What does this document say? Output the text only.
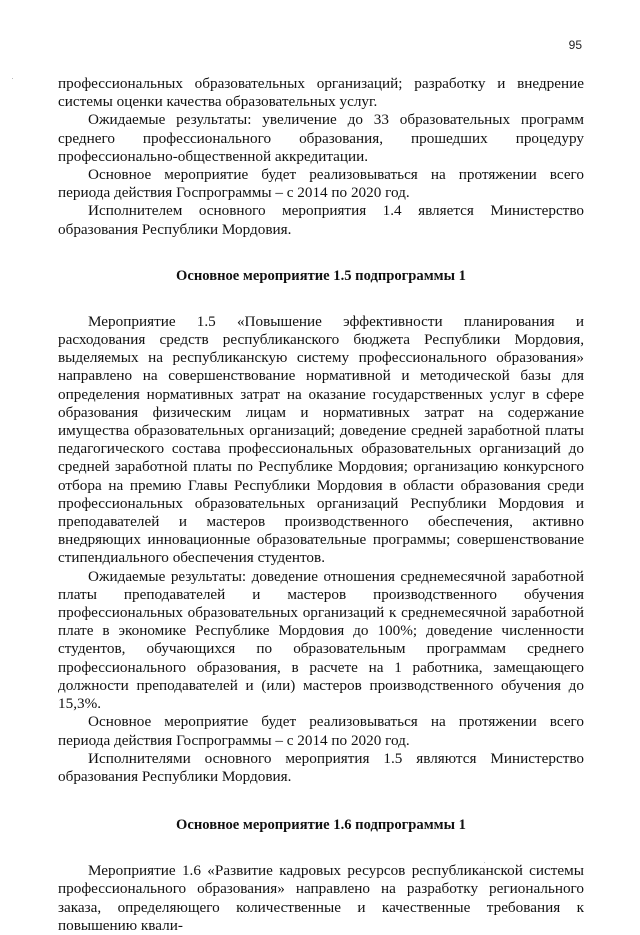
95

профессиональных образовательных организаций; разработку и внедрение системы оценки качества образовательных услуг.

Ожидаемые результаты: увеличение до 33 образовательных программ среднего профессионального образования, прошедших процедуру профессионально-общественной аккредитации.

Основное мероприятие будет реализовываться на протяжении всего периода действия Госпрограммы – с 2014 по 2020 год.

Исполнителем основного мероприятия 1.4 является Министерство образования Республики Мордовия.

Основное мероприятие 1.5 подпрограммы 1

Мероприятие 1.5 «Повышение эффективности планирования и расходования средств республиканского бюджета Республики Мордовия, выделяемых на республиканскую систему профессионального образования» направлено на совершенствование нормативной и методической базы для определения нормативных затрат на оказание государственных услуг в сфере образования физическим лицам и нормативных затрат на содержание имущества образовательных организаций; доведение средней заработной платы педагогического состава профессиональных образовательных организаций до средней заработной платы по Республике Мордовия; организацию конкурсного отбора на премию Главы Республики Мордовия в области образования среди профессиональных образовательных организаций Республики Мордовия и преподавателей и мастеров производственного обеспечения, активно внедряющих инновационные образовательные программы; совершенствование стипендиального обеспечения студентов.

Ожидаемые результаты: доведение отношения среднемесячной заработной платы преподавателей и мастеров производственного обучения профессиональных образовательных организаций к среднемесячной заработной плате в экономике Республике Мордовия до 100%; доведение численности студентов, обучающихся по образовательным программам среднего профессионального образования, в расчете на 1 работника, замещающего должности преподавателей и (или) мастеров производственного обучения до 15,3%.

Основное мероприятие будет реализовываться на протяжении всего периода действия Госпрограммы – с 2014 по 2020 год.

Исполнителями основного мероприятия 1.5 являются Министерство образования Республики Мордовия.

Основное мероприятие 1.6 подпрограммы 1

Мероприятие 1.6 «Развитие кадровых ресурсов республиканской системы профессионального образования» направлено на разработку регионального заказа, определяющего количественные и качественные требования к повышению квали-
